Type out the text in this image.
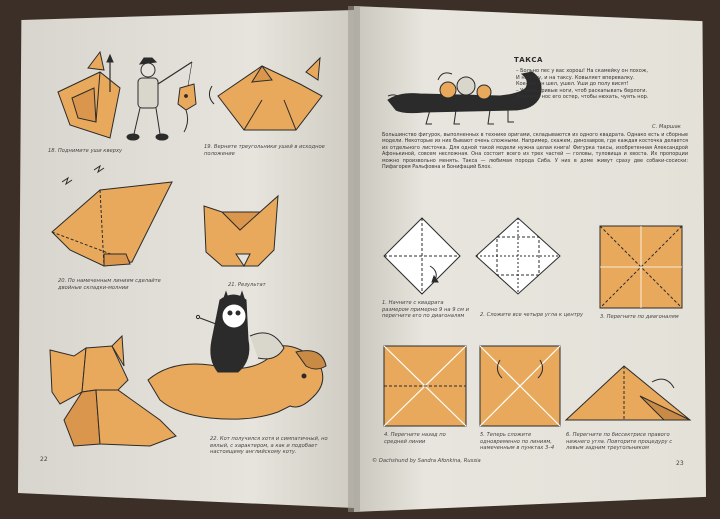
18. Поднимите уши кверху
19. Верните треугольники ушей в исходное положение
20. По намеченным линиям сделайте двойные складки-молнии	21. Результат
22. Кот получился хотя и симпатичный, но вялый, с характером, а как и подобает настоящему английскому коту.
22
ТАКСА
– Больно пес у вас хорош! На скамейку он похож,
И на утку, и на таксу. Ковыляет вперевалку.
Кое-как он шел, ушел. Уши до полу висят!
– У него кривые ноги, чтоб раскапывать берлоги.
Длинный нос его остер, чтобы нюхать, чуять нор.
С. Маршак
Большинство фигурок, выполненных в технике оригами, складываются из одного квадрата. Однако есть и сборные модели. Некоторые из них бывают очень сложными. Например, скажем, динозавров, где каждая косточка делается из отдельного листочка. Для одной такой модели нужна целая книга! Фигурка таксы, изобретенная Александрой Афонькиной, совсем несложная. Она состоит всего из трех частей — головы, туловища и хвоста. Их пропорции можно произвольно менять. Такса — любимая порода Сиба. У них в доме живут сразу две собаки-сосиски: Пифагорея Ральфовна и Бонифаций Блох.
1. Начните с квадрата размером примерно 9 на 9 см и перегните его по диагоналям	2. Сложите все четыре угла к центру	3. Перегните по диагоналям
4. Перегните назад по средней линии
5. Теперь сложите одновременно по линиям, намеченным в пунктах 3–4
6. Перегните по биссектрисе правого нижнего угла. Повторите процедуру с левым задним треугольником
© Dachshund by Sandra Afonkina, Russia	23
